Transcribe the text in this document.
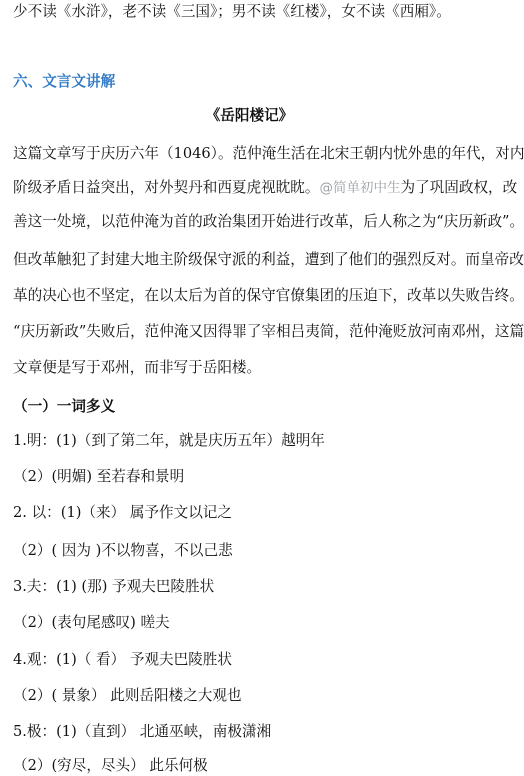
少不读《水浒》，老不读《三国》；男不读《红楼》，女不读《西厢》。
六、文言文讲解
《岳阳楼记》
这篇文章写于庆历六年（1046）。范仲淹生活在北宋王朝内忧外患的年代，对内
阶级矛盾日益突出，对外契丹和西夏虎视眈眈。@简单初中生为了巩固政权，改
善这一处境，以范仲淹为首的政治集团开始进行改革，后人称之为“庆历新政”。
但改革触犯了封建大地主阶级保守派的利益，遭到了他们的强烈反对。而皇帝改
革的决心也不坚定，在以太后为首的保守官僚集团的压迫下，改革以失败告终。
“庆历新政”失败后，范仲淹又因得罪了宰相吕夷简，范仲淹贬放河南邓州，这篇
文章便是写于邓州，而非写于岳阳楼。
（一）一词多义
1.明：(1)（到了第二年，就是庆历五年）越明年
（2）(明媚) 至若春和景明
2. 以：(1)（来） 属予作文以记之
（2）( 因为 )不以物喜，不以己悲
3.夫：(1) (那) 予观夫巴陵胜状
（2）(表句尾感叹) 嗟夫
4.观：(1)（ 看） 予观夫巴陵胜状
（2）( 景象） 此则岳阳楼之大观也
5.极：(1)（直到） 北通巫峡，南极潇湘
（2）(穷尽，尽头） 此乐何极
